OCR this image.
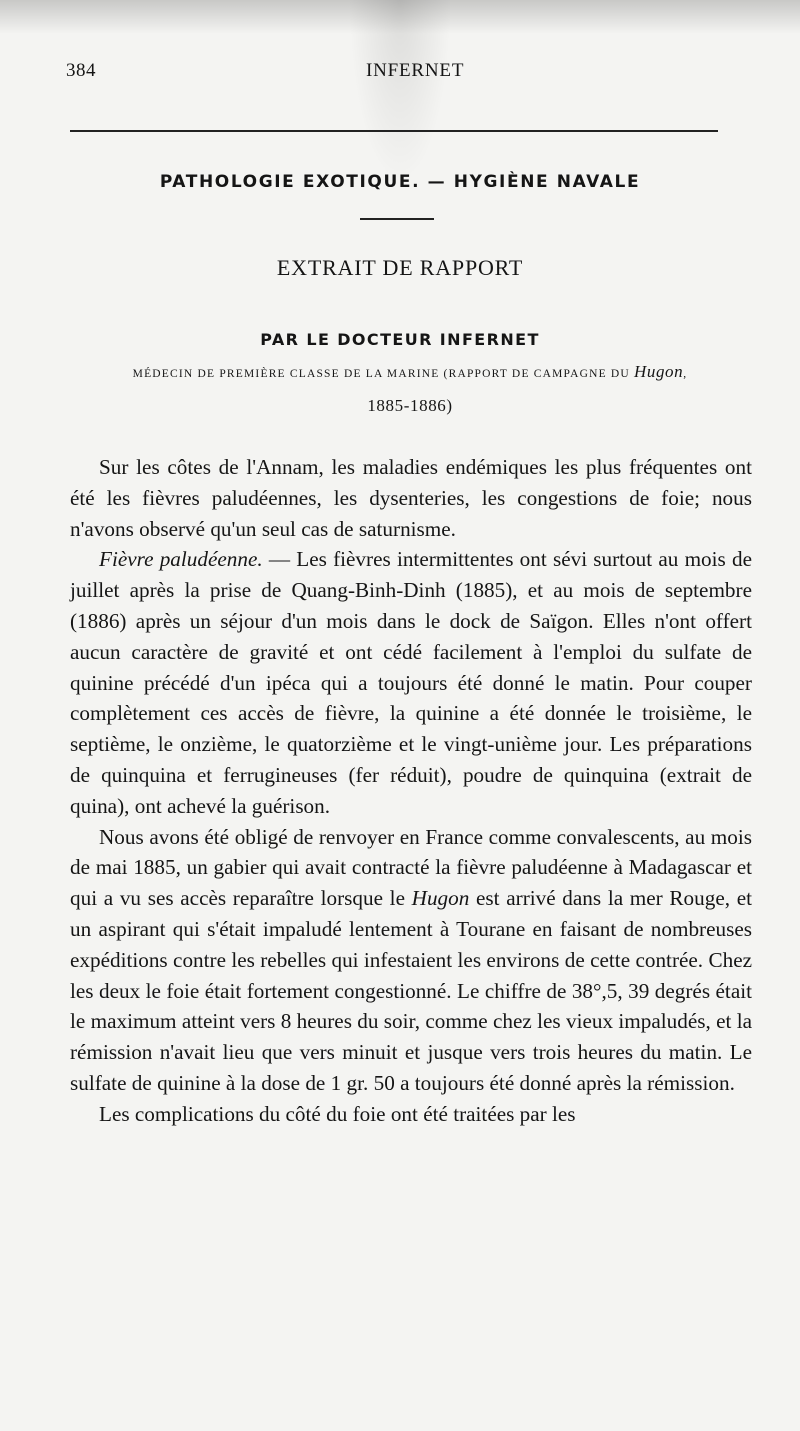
384	INFERNET
PATHOLOGIE EXOTIQUE. — HYGIÈNE NAVALE
EXTRAIT DE RAPPORT
PAR LE DOCTEUR INFERNET
MÉDECIN DE PREMIÈRE CLASSE DE LA MARINE (RAPPORT DE CAMPAGNE DU Hugon,
1885-1886)

Sur les côtes de l'Annam, les maladies endémiques les plus fréquentes ont été les fièvres paludéennes, les dysenteries, les congestions de foie; nous n'avons observé qu'un seul cas de saturnisme.

Fièvre paludéenne. — Les fièvres intermittentes ont sévi surtout au mois de juillet après la prise de Quang-Binh-Dinh (1885), et au mois de septembre (1886) après un séjour d'un mois dans le dock de Saïgon. Elles n'ont offert aucun caractère de gravité et ont cédé facilement à l'emploi du sulfate de quinine précédé d'un ipéca qui a toujours été donné le matin. Pour couper complètement ces accès de fièvre, la quinine a été donnée le troisième, le septième, le onzième, le quatorzième et le vingt-unième jour. Les préparations de quinquina et ferrugineuses (fer réduit), poudre de quinquina (extrait de quina), ont achevé la guérison.

Nous avons été obligé de renvoyer en France comme convalescents, au mois de mai 1885, un gabier qui avait contracté la fièvre paludéenne à Madagascar et qui a vu ses accès reparaître lorsque le Hugon est arrivé dans la mer Rouge, et un aspirant qui s'était impaludé lentement à Tourane en faisant de nombreuses expéditions contre les rebelles qui infestaient les environs de cette contrée. Chez les deux le foie était fortement congestionné. Le chiffre de 38°,5, 39 degrés était le maximum atteint vers 8 heures du soir, comme chez les vieux impaludés, et la rémission n'avait lieu que vers minuit et jusque vers trois heures du matin. Le sulfate de quinine à la dose de 1 gr. 50 a toujours été donné après la rémission.

Les complications du côté du foie ont été traitées par les
